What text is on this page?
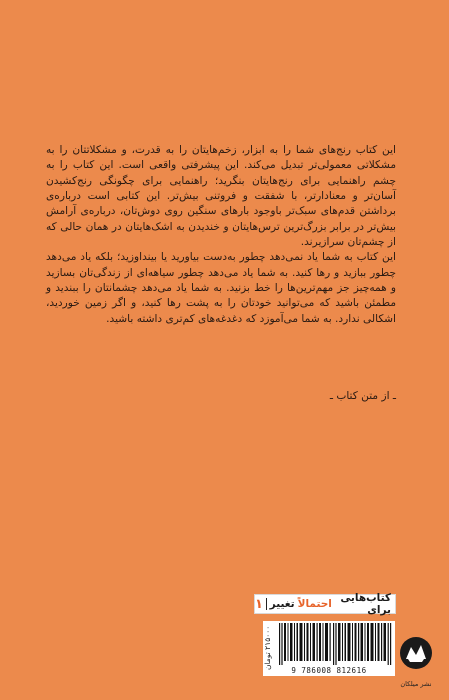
این کتاب رنج‌های شما را به ابزار، زخم‌هایتان را به قدرت، و مشکلاتتان را به مشکلاتی معمولی‌تر تبدیل می‌کند. این پیشرفتی واقعی است. این کتاب را به چشم راهنمایی برای رنج‌هایتان بنگرید؛ راهنمایی برای چگونگی رنج‌کشیدن آسان‌تر و معنادارتر، با شفقت و فروتنی بیش‌تر. این کتابی است درباره‌ی برداشتن قدم‌های سبک‌تر باوجود بارهای سنگین روی دوش‌تان، درباره‌ی آرامش بیش‌تر در برابر بزرگ‌ترین ترس‌هایتان و خندیدن به اشک‌هایتان در همان حالی که از چشم‌تان سرازیرند.

این کتاب به شما یاد نمی‌دهد چطور به‌دست بیاورید یا بینداوزید؛ بلکه یاد می‌دهد چطور ببازید و رها کنید. به شما یاد می‌دهد چطور سیاهه‌ای از زندگی‌تان بسازید و همه‌چیز جز مهم‌ترین‌ها را خط بزنید. به شما یاد می‌دهد چشمانتان را ببندید و مطمئن باشید که می‌توانید خودتان را به پشت رها کنید، و اگر زمین خوردید، اشکالی ندارد. به شما می‌آموزد که دغدغه‌های کم‌تری داشته باشید.

ـ از متن کتاب ـ
۱ تغییر احتمالاً کتاب‌هایی برای
9 786008 812616
۲۱۵۰۰۰ تومان
نشر میلکان
